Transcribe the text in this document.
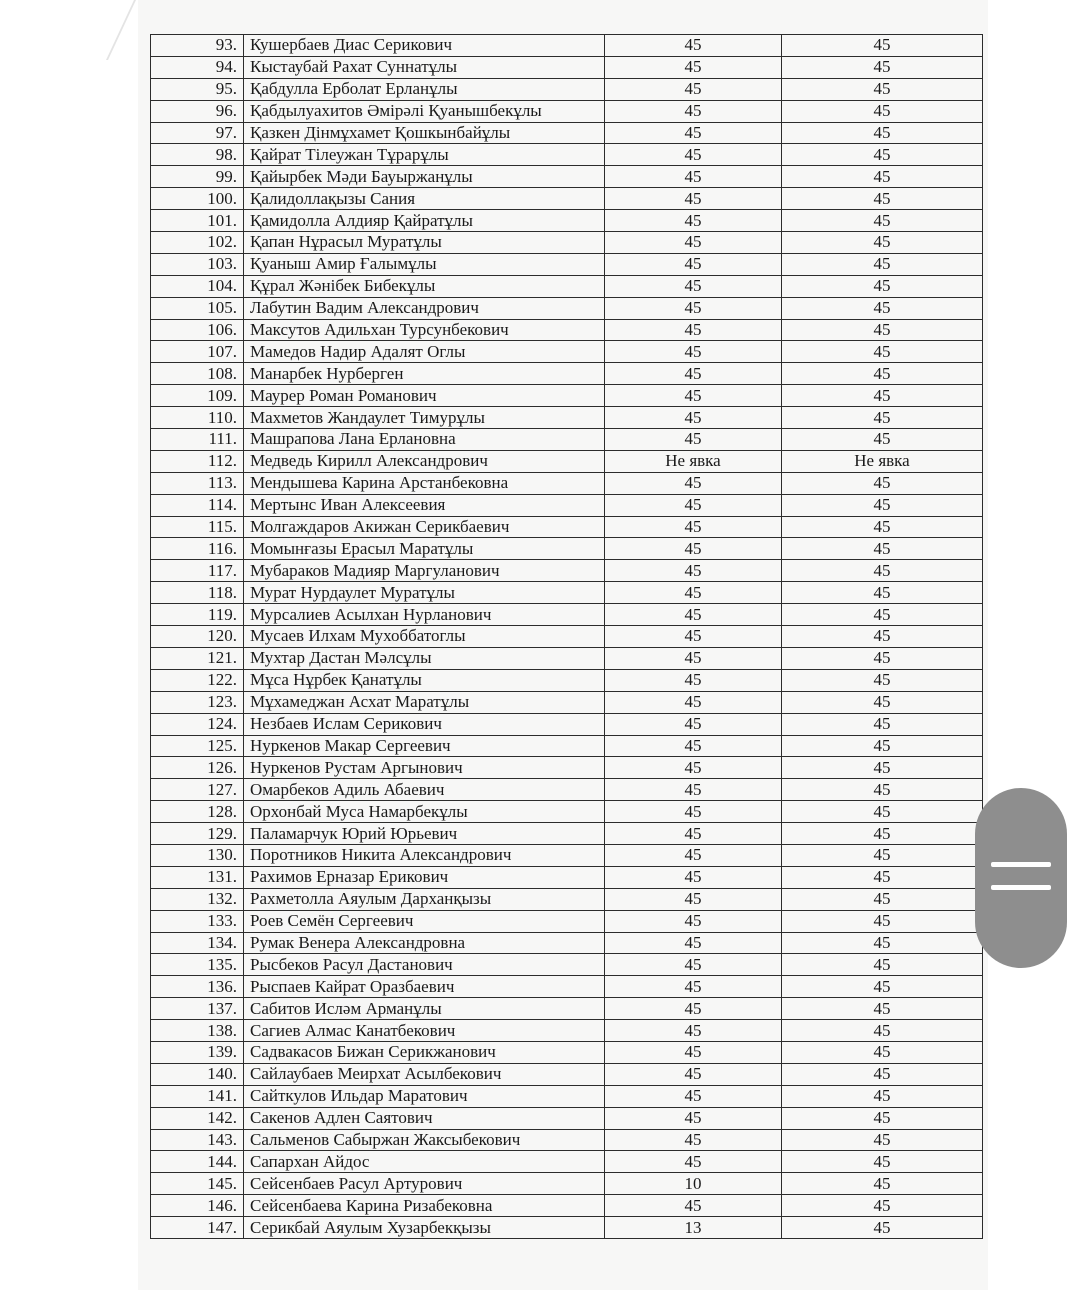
93.	Кушербаев Диас Серикович	45	45
94.	Кыстаубай Рахат Суннатұлы	45	45
95.	Қабдулла Ерболат Ерланұлы	45	45
96.	Қабдылуахитов Әмірәлі Қуанышбекұлы	45	45
97.	Қазкен Дінмұхамет Қошкынбайұлы	45	45
98.	Қайрат Тілеужан Тұрарұлы	45	45
99.	Қайырбек Мәди Бауыржанұлы	45	45
100.	Қалидоллақызы Сания	45	45
101.	Қамидолла Алдияр Қайратұлы	45	45
102.	Қапан Нұрасыл Муратұлы	45	45
103.	Қуаныш Амир Ғалымұлы	45	45
104.	Құрал Жәнібек Бибекұлы	45	45
105.	Лабутин Вадим Александрович	45	45
106.	Максутов Адильхан Турсунбекович	45	45
107.	Мамедов Надир Адалят Оглы	45	45
108.	Манарбек Нурберген	45	45
109.	Маурер Роман Романович	45	45
110.	Махметов Жандаулет Тимурұлы	45	45
111.	Машрапова Лана Ерлановна	45	45
112.	Медведь Кирилл Александрович	Не явка	Не явка
113.	Мендышева Карина Арстанбековна	45	45
114.	Мертынс Иван Алексеевия	45	45
115.	Молгаждаров Акижан Серикбаевич	45	45
116.	Момынғазы Ерасыл Маратұлы	45	45
117.	Мубараков Мадияр Маргуланович	45	45
118.	Мурат Нурдаулет Муратұлы	45	45
119.	Мурсалиев Асылхан Нурланович	45	45
120.	Мусаев Илхам Мухоббатоглы	45	45
121.	Мухтар Дастан Мәлсұлы	45	45
122.	Мұса Нұрбек Қанатұлы	45	45
123.	Мұхамеджан Асхат Маратұлы	45	45
124.	Незбаев Ислам Серикович	45	45
125.	Нуркенов Макар Сергеевич	45	45
126.	Нуркенов Рустам Аргынович	45	45
127.	Омарбеков Адиль Абаевич	45	45
128.	Орхонбай Муса Намарбекұлы	45	45
129.	Паламарчук Юрий Юрьевич	45	45
130.	Поротников Никита Александрович	45	45
131.	Рахимов Ерназар Ерикович	45	45
132.	Рахметолла Аяулым Дарханқызы	45	45
133.	Роев Семён Сергеевич	45	45
134.	Румак Венера Александровна	45	45
135.	Рысбеков Расул Дастанович	45	45
136.	Рыспаев Кайрат Оразбаевич	45	45
137.	Сабитов Ислəм Арманұлы	45	45
138.	Сагиев Алмас Канатбекович	45	45
139.	Садвакасов Бижан Серикжанович	45	45
140.	Сайлаубаев Меирхат Асылбекович	45	45
141.	Сайткулов Ильдар Маратович	45	45
142.	Сакенов Адлен Саятович	45	45
143.	Сальменов Сабыржан Жаксыбекович	45	45
144.	Сапархан Айдос	45	45
145.	Сейсенбаев Расул Артурович	10	45
146.	Сейсенбаева Карина Ризабековна	45	45
147.	Серикбай Аяулым Хузарбекқызы	13	45
